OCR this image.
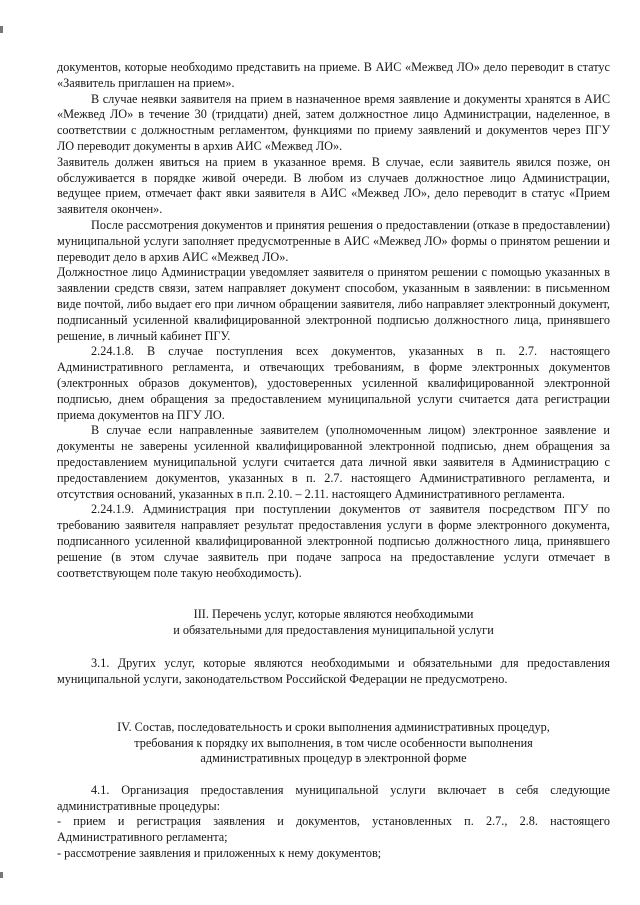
документов, которые необходимо представить на приеме. В АИС «Межвед ЛО» дело переводит в статус «Заявитель приглашен на прием».

В случае неявки заявителя на прием в назначенное время заявление и документы хранятся в АИС «Межвед ЛО» в течение 30 (тридцати) дней, затем должностное лицо Администрации, наделенное, в соответствии с должностным регламентом, функциями по приему заявлений и документов через ПГУ ЛО переводит документы в архив АИС «Межвед ЛО».

Заявитель должен явиться на прием в указанное время. В случае, если заявитель явился позже, он обслуживается в порядке живой очереди. В любом из случаев должностное лицо Администрации, ведущее прием, отмечает факт явки заявителя в АИС «Межвед ЛО», дело переводит в статус «Прием заявителя окончен».

После рассмотрения документов и принятия решения о предоставлении (отказе в предоставлении) муниципальной услуги заполняет предусмотренные в АИС «Межвед ЛО» формы о принятом решении и переводит дело в архив АИС «Межвед ЛО».

Должностное лицо Администрации уведомляет заявителя о принятом решении с помощью указанных в заявлении средств связи, затем направляет документ способом, указанным в заявлении: в письменном виде почтой, либо выдает его при личном обращении заявителя, либо направляет электронный документ, подписанный усиленной квалифицированной электронной подписью должностного лица, принявшего решение, в личный кабинет ПГУ.

2.24.1.8. В случае поступления всех документов, указанных в п. 2.7. настоящего Административного регламента, и отвечающих требованиям, в форме электронных документов (электронных образов документов), удостоверенных усиленной квалифицированной электронной подписью, днем обращения за предоставлением муниципальной услуги считается дата регистрации приема документов на ПГУ ЛО.

В случае если направленные заявителем (уполномоченным лицом) электронное заявление и документы не заверены усиленной квалифицированной электронной подписью, днем обращения за предоставлением муниципальной услуги считается дата личной явки заявителя в Администрацию с предоставлением документов, указанных в п. 2.7. настоящего Административного регламента, и отсутствия оснований, указанных в п.п. 2.10. – 2.11. настоящего Административного регламента.

2.24.1.9. Администрация при поступлении документов от заявителя посредством ПГУ по требованию заявителя направляет результат предоставления услуги в форме электронного документа, подписанного усиленной квалифицированной электронной подписью должностного лица, принявшего решение (в этом случае заявитель при подаче запроса на предоставление услуги отмечает в соответствующем поле такую необходимость).

III. Перечень услуг, которые являются необходимыми
и обязательными для предоставления муниципальной услуги

3.1. Других услуг, которые являются необходимыми и обязательными для предоставления муниципальной услуги, законодательством Российской Федерации не предусмотрено.

IV. Состав, последовательность и сроки выполнения административных процедур,
требования к порядку их выполнения, в том числе особенности выполнения
административных процедур в электронной форме

4.1. Организация предоставления муниципальной услуги включает в себя следующие административные процедуры:

- прием и регистрация заявления и документов, установленных п. 2.7., 2.8. настоящего Административного регламента;

- рассмотрение заявления и приложенных к нему документов;
